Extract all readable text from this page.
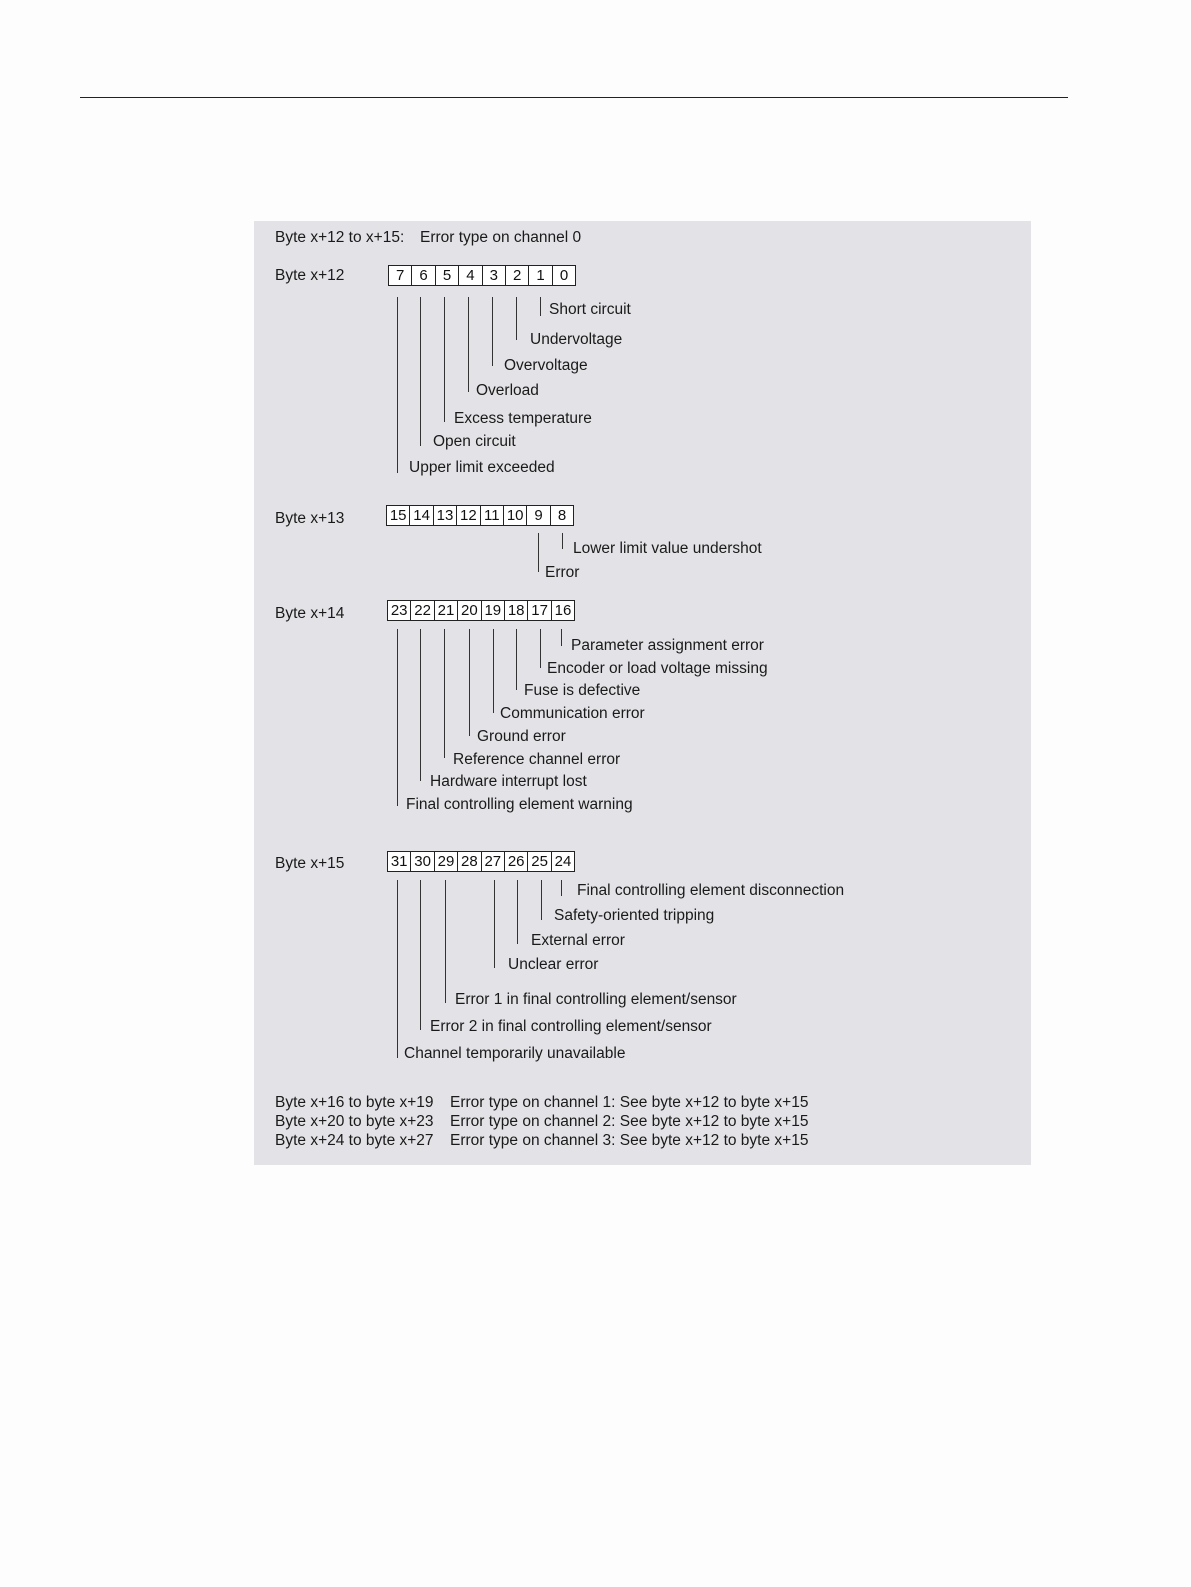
Byte x+12 to x+15: Error type on channel 0
Byte x+12
Byte x+13
Byte x+14
Byte x+15
Byte x+16 to byte x+19 Error type on channel 1: See byte x+12 to byte x+15
Byte x+20 to byte x+23 Error type on channel 2: See byte x+12 to byte x+15
Byte x+24 to byte x+27 Error type on channel 3: See byte x+12 to byte x+15
7	6	5	4	3	2	1	0
Short circuit
Undervoltage
Overvoltage
Overload
Excess temperature
Open circuit
Upper limit exceeded
15 14 13 12 11 10 9	8
Lower limit value undershot
Error
23 22 21 20 19 18 17 16
Parameter assignment error
Encoder or load voltage missing
Fuse is defective
Communication error
Ground error
Reference channel error
Hardware interrupt lost
Final controlling element warning
31 30 29 28 27 26 25 24
Final controlling element disconnection
Safety-oriented tripping
External error
Unclear error
Error 1 in final controlling element/sensor
Error 2 in final controlling element/sensor
Channel temporarily unavailable
